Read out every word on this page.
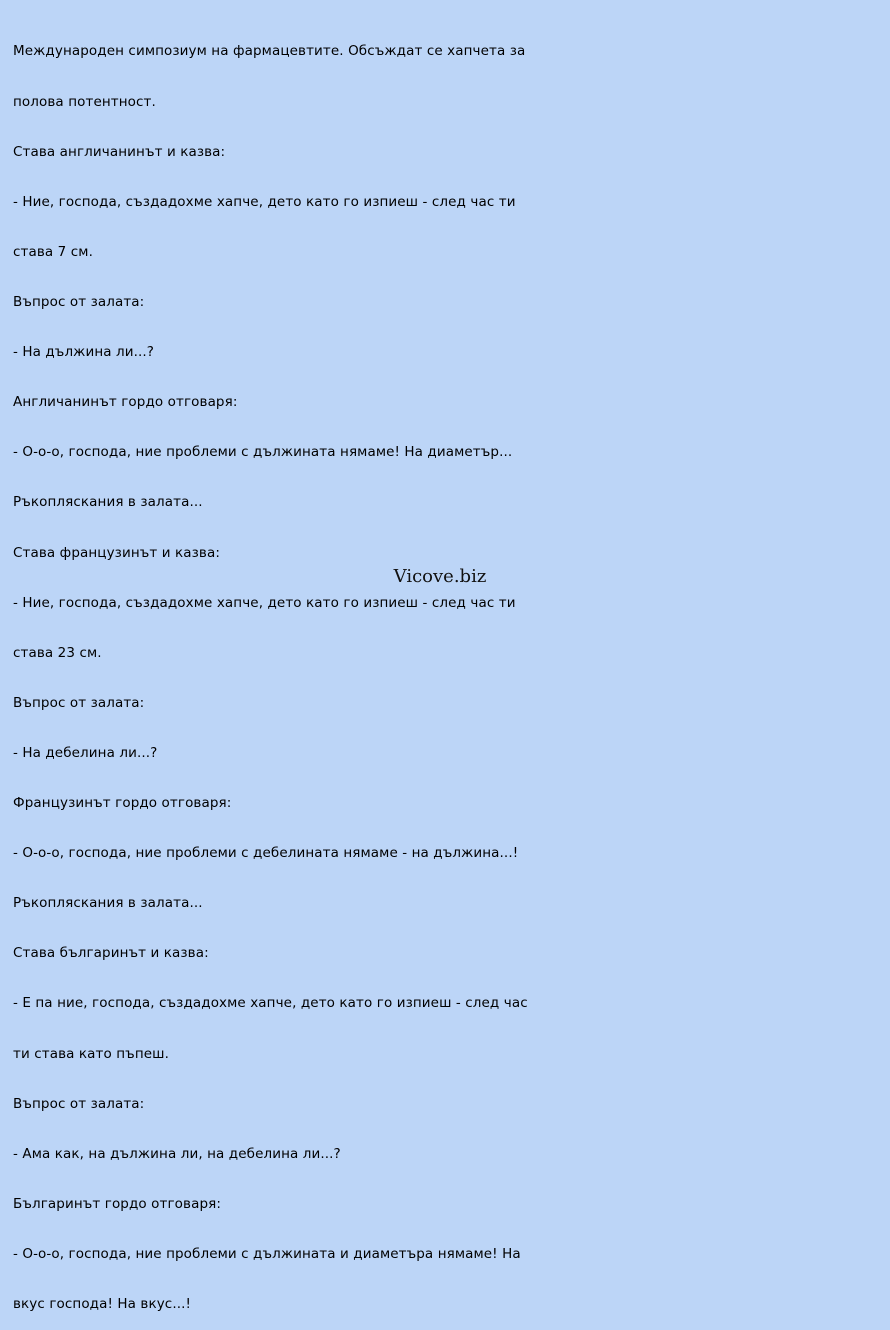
Международен симпозиум на фармацевтите. Обсъждат се хапчета за

полова потентност.

Става англичанинът и казва:

- Ние, господа, създадохме хапче, дето като го изпиеш - след час ти

става 7 см.

Въпрос от залата:

- На дължина ли...?

Англичанинът гордо отговаря:

- О-о-о, господа, ние проблеми с дължината нямаме! На диаметър...

Ръкопляскания в залата...

Става французинът и казва:

- Ние, господа, създадохме хапче, дето като го изпиеш - след час ти

става 23 см.

Въпрос от залата:

- На дебелина ли...?

Французинът гордо отговаря:

- О-о-о, господа, ние проблеми с дебелината нямаме - на дължина...!

Ръкопляскания в залата...

Става българинът и казва:

- Е па ние, господа, създадохме хапче, дето като го изпиеш - след час

ти става като пъпеш.

Въпрос от залата:

- Ама как, на дължина ли, на дебелина ли...?

Българинът гордо отговаря:

- О-о-о, господа, ние проблеми с дължината и диаметъра нямаме! На

вкус господа! На вкус...!

Vicove.biz
